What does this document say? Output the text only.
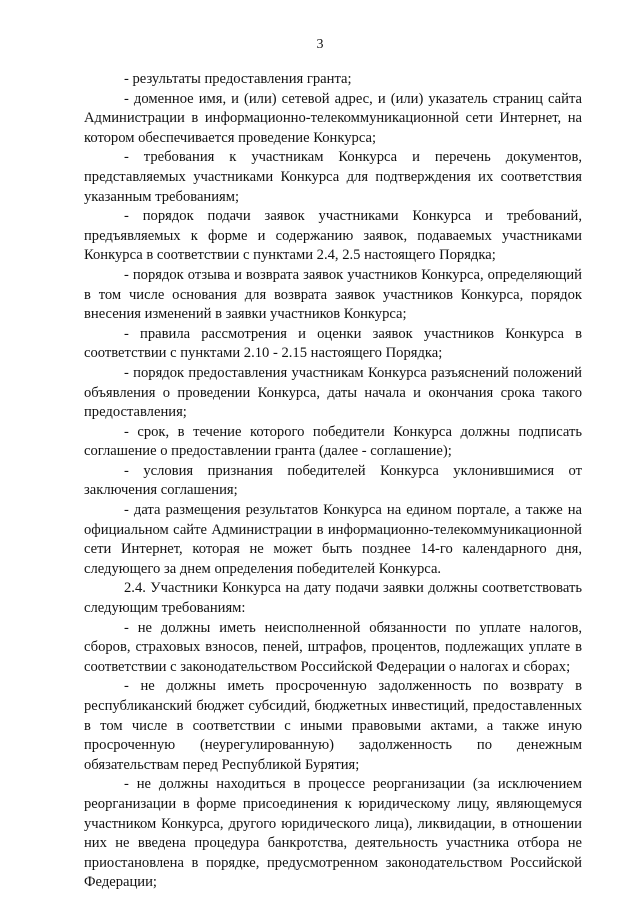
3

- результаты предоставления гранта;

- доменное имя, и (или) сетевой адрес, и (или) указатель страниц сайта Администрации в информационно-телекоммуникационной сети Интернет, на котором обеспечивается проведение Конкурса;

- требования к участникам Конкурса и перечень документов, представляемых участниками Конкурса для подтверждения их соответствия указанным требованиям;

- порядок подачи заявок участниками Конкурса и требований, предъявляемых к форме и содержанию заявок, подаваемых участниками Конкурса в соответствии с пунктами 2.4, 2.5 настоящего Порядка;

- порядок отзыва и возврата заявок участников Конкурса, определяющий в том числе основания для возврата заявок участников Конкурса, порядок внесения изменений в заявки участников Конкурса;

- правила рассмотрения и оценки заявок участников Конкурса в соответствии с пунктами 2.10 - 2.15 настоящего Порядка;

- порядок предоставления участникам Конкурса разъяснений положений объявления о проведении Конкурса, даты начала и окончания срока такого предоставления;

- срок, в течение которого победители Конкурса должны подписать соглашение о предоставлении гранта (далее - соглашение);

- условия признания победителей Конкурса уклонившимися от заключения соглашения;

- дата размещения результатов Конкурса на едином портале, а также на официальном сайте Администрации в информационно-телекоммуникационной сети Интернет, которая не может быть позднее 14-го календарного дня, следующего за днем определения победителей Конкурса.

2.4. Участники Конкурса на дату подачи заявки должны соответствовать следующим требованиям:

- не должны иметь неисполненной обязанности по уплате налогов, сборов, страховых взносов, пеней, штрафов, процентов, подлежащих уплате в соответствии с законодательством Российской Федерации о налогах и сборах;

- не должны иметь просроченную задолженность по возврату в республиканский бюджет субсидий, бюджетных инвестиций, предоставленных в том числе в соответствии с иными правовыми актами, а также иную просроченную (неурегулированную) задолженность по денежным обязательствам перед Республикой Бурятия;

- не должны находиться в процессе реорганизации (за исключением реорганизации в форме присоединения к юридическому лицу, являющемуся участником Конкурса, другого юридического лица), ликвидации, в отношении них не введена процедура банкротства, деятельность участника отбора не приостановлена в порядке, предусмотренном законодательством Российской Федерации;
